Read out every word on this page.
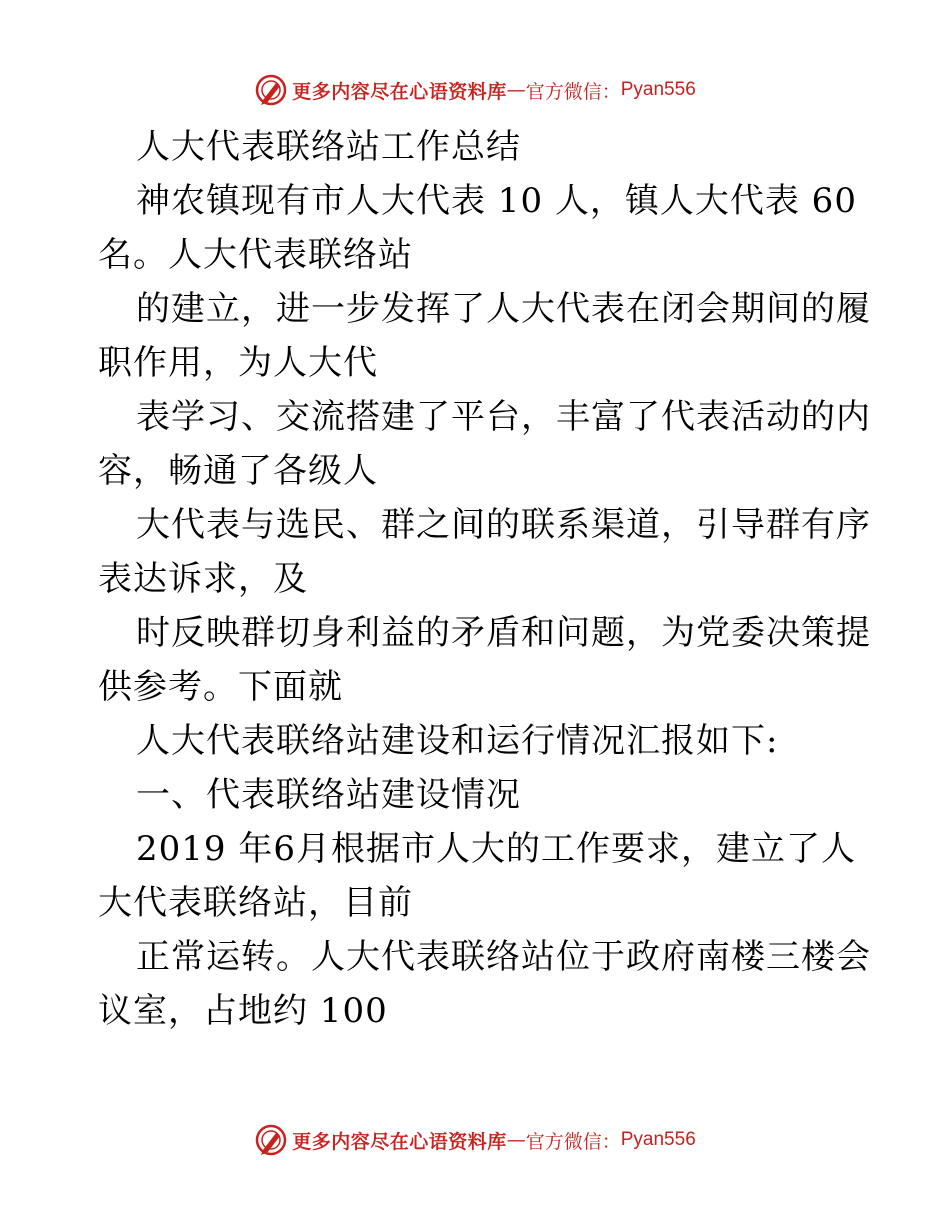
更多内容尽在心语资料库 — 官方微信： Pyan556
人大代表联络站工作总结
神农镇现有市人大代表 10 人，镇人大代表 60
名。人大代表联络站
的建立，进一步发挥了人大代表在闭会期间的履
职作用，为人大代
表学习、交流搭建了平台，丰富了代表活动的内
容，畅通了各级人
大代表与选民、群之间的联系渠道，引导群有序
表达诉求，及
时反映群切身利益的矛盾和问题，为党委决策提
供参考。下面就
人大代表联络站建设和运行情况汇报如下:
一、代表联络站建设情况
2019 年6月根据市人大的工作要求，建立了人
大代表联络站，目前
正常运转。人大代表联络站位于政府南楼三楼会
议室，占地约 100
更多内容尽在心语资料库 — 官方微信： Pyan556
